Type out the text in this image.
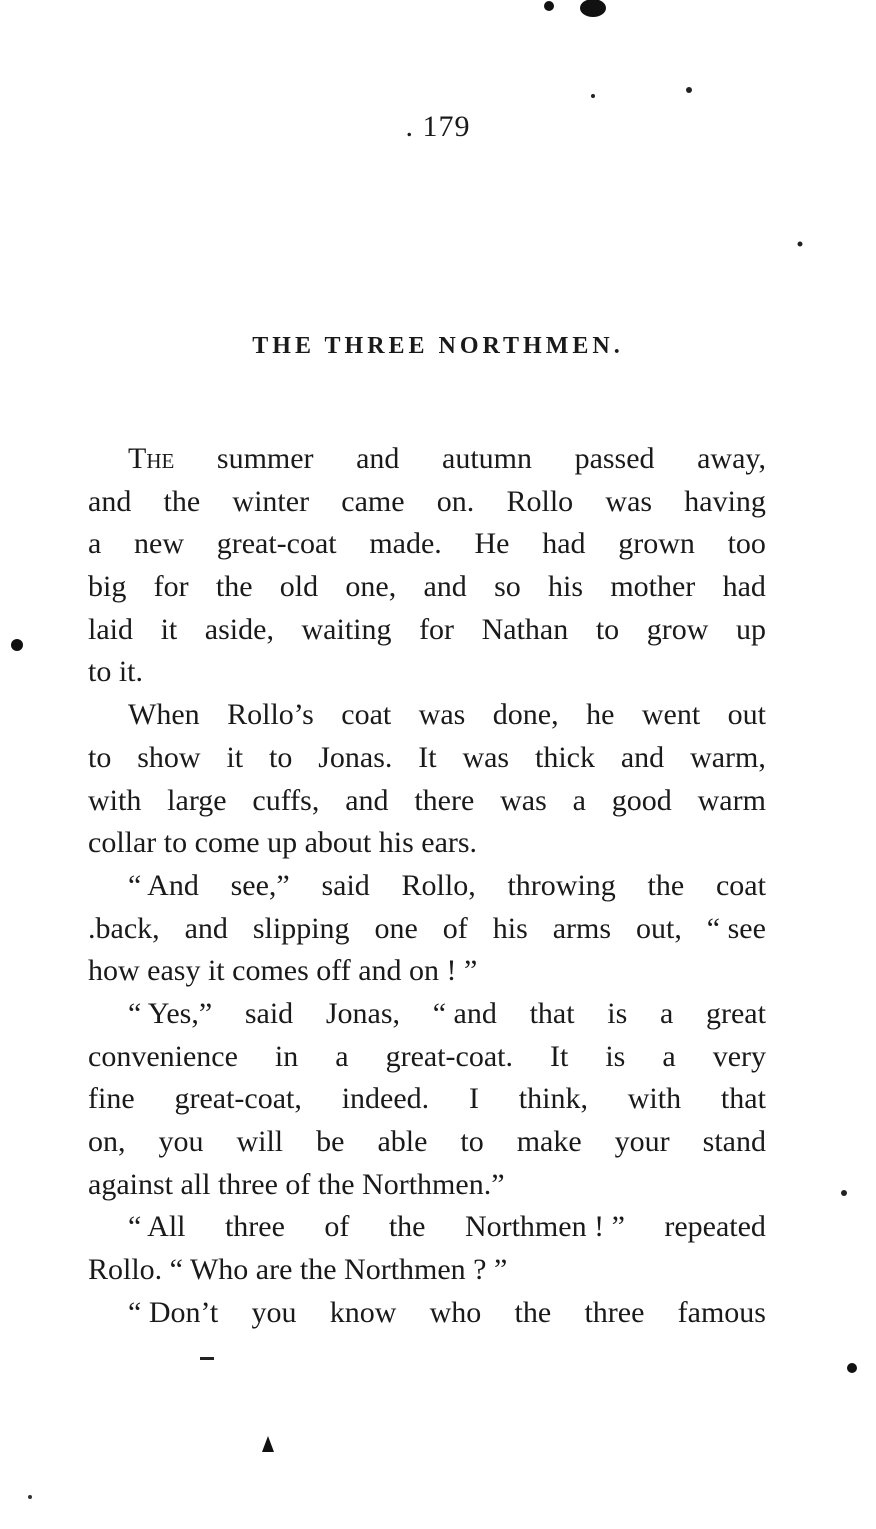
. 179
THE THREE NORTHMEN.
The summer and autumn passed away,
and the winter came on. Rollo was having
a new great-coat made. He had grown too
big for the old one, and so his mother had
laid it aside, waiting for Nathan to grow up
to it.
When Rollo’s coat was done, he went out
to show it to Jonas. It was thick and warm,
with large cuffs, and there was a good warm
collar to come up about his ears.
“ And see,” said Rollo, throwing the coat
.back, and slipping one of his arms out, “ see
how easy it comes off and on ! ”
“ Yes,” said Jonas, “ and that is a great
convenience in a great-coat. It is a very
fine great-coat, indeed. I think, with that
on, you will be able to make your stand
against all three of the Northmen.”
“ All three of the Northmen ! ” repeated
Rollo. “ Who are the Northmen ? ”
“ Don’t you know who the three famous
